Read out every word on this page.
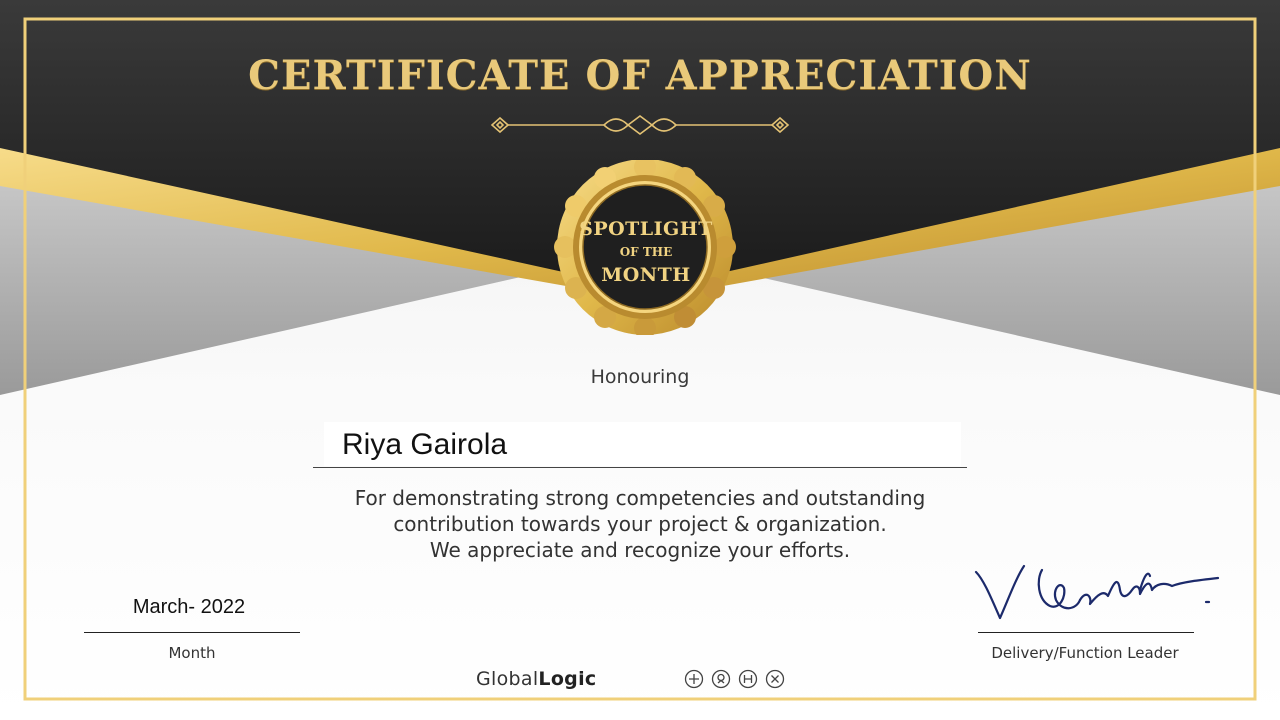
CERTIFICATE OF APPRECIATION
SPOTLIGHT
OF THE
MONTH
Honouring
Riya Gairola
For demonstrating strong competencies and outstanding
contribution towards your project & organization.
We appreciate and recognize your efforts.
March- 2022
Month	Delivery/Function Leader
GlobalLogic
